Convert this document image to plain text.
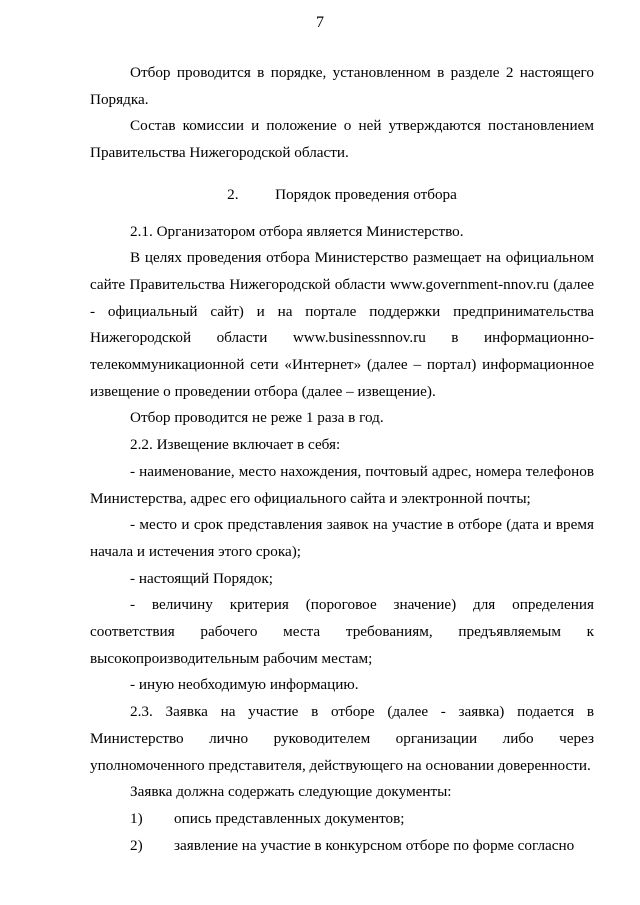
7

Отбор проводится в порядке, установленном в разделе 2 настоящего Порядка.

Состав комиссии и положение о ней утверждаются постановлением Правительства Нижегородской области.

2. Порядок проведения отбора

2.1. Организатором отбора является Министерство.

В целях проведения отбора Министерство размещает на официальном сайте Правительства Нижегородской области www.government-nnov.ru (далее - официальный сайт) и на портале поддержки предпринимательства Нижегородской области www.businessnnov.ru в информационно-телекоммуникационной сети «Интернет» (далее – портал) информационное извещение о проведении отбора (далее – извещение).

Отбор проводится не реже 1 раза в год.

2.2. Извещение включает в себя:

- наименование, место нахождения, почтовый адрес, номера телефонов Министерства, адрес его официального сайта и электронной почты;

- место и срок представления заявок на участие в отборе (дата и время начала и истечения этого срока);

- настоящий Порядок;

- величину критерия (пороговое значение) для определения соответствия рабочего места требованиям, предъявляемым к высокопроизводительным рабочим местам;

- иную необходимую информацию.

2.3. Заявка на участие в отборе (далее - заявка) подается в Министерство лично руководителем организации либо через уполномоченного представителя, действующего на основании доверенности.

Заявка должна содержать следующие документы:

1)	опись представленных документов;
2)	заявление на участие в конкурсном отборе по форме согласно
